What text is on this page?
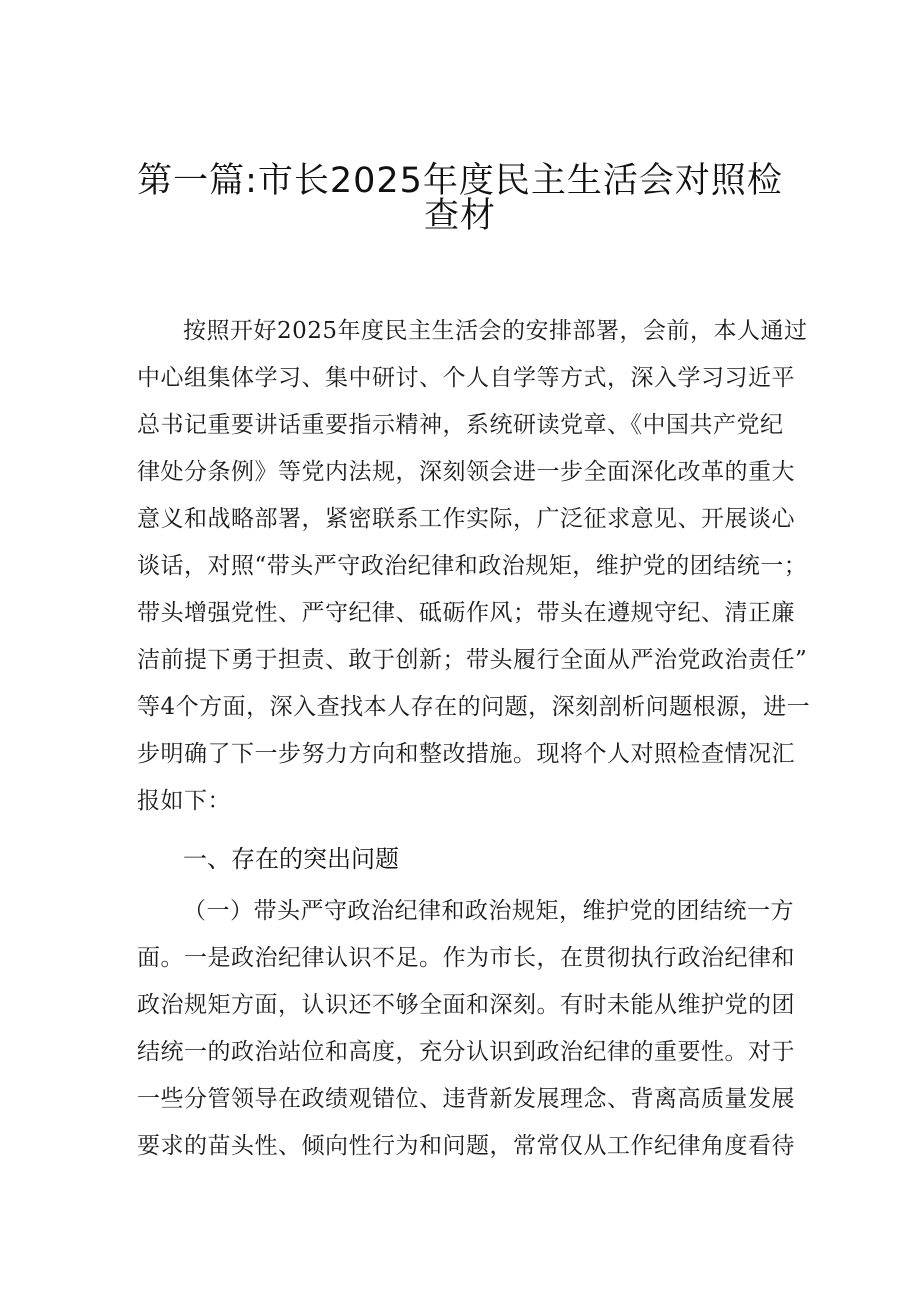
第一篇:市长2025年度民主生活会对照检
查材
按照开好2025年度民主生活会的安排部署，会前，本人通过
中心组集体学习、集中研讨、个人自学等方式，深入学习习近平
总书记重要讲话重要指示精神，系统研读党章、《中国共产党纪
律处分条例》等党内法规，深刻领会进一步全面深化改革的重大
意义和战略部署，紧密联系工作实际，广泛征求意见、开展谈心
谈话，对照“带头严守政治纪律和政治规矩，维护党的团结统一；
带头增强党性、严守纪律、砥砺作风；带头在遵规守纪、清正廉
洁前提下勇于担责、敢于创新；带头履行全面从严治党政治责任”
等4个方面，深入查找本人存在的问题，深刻剖析问题根源，进一
步明确了下一步努力方向和整改措施。现将个人对照检查情况汇
报如下：
一、存在的突出问题
（一）带头严守政治纪律和政治规矩，维护党的团结统一方
面。一是政治纪律认识不足。作为市长，在贯彻执行政治纪律和
政治规矩方面，认识还不够全面和深刻。有时未能从维护党的团
结统一的政治站位和高度，充分认识到政治纪律的重要性。对于
一些分管领导在政绩观错位、违背新发展理念、背离高质量发展
要求的苗头性、倾向性行为和问题，常常仅从工作纪律角度看待
